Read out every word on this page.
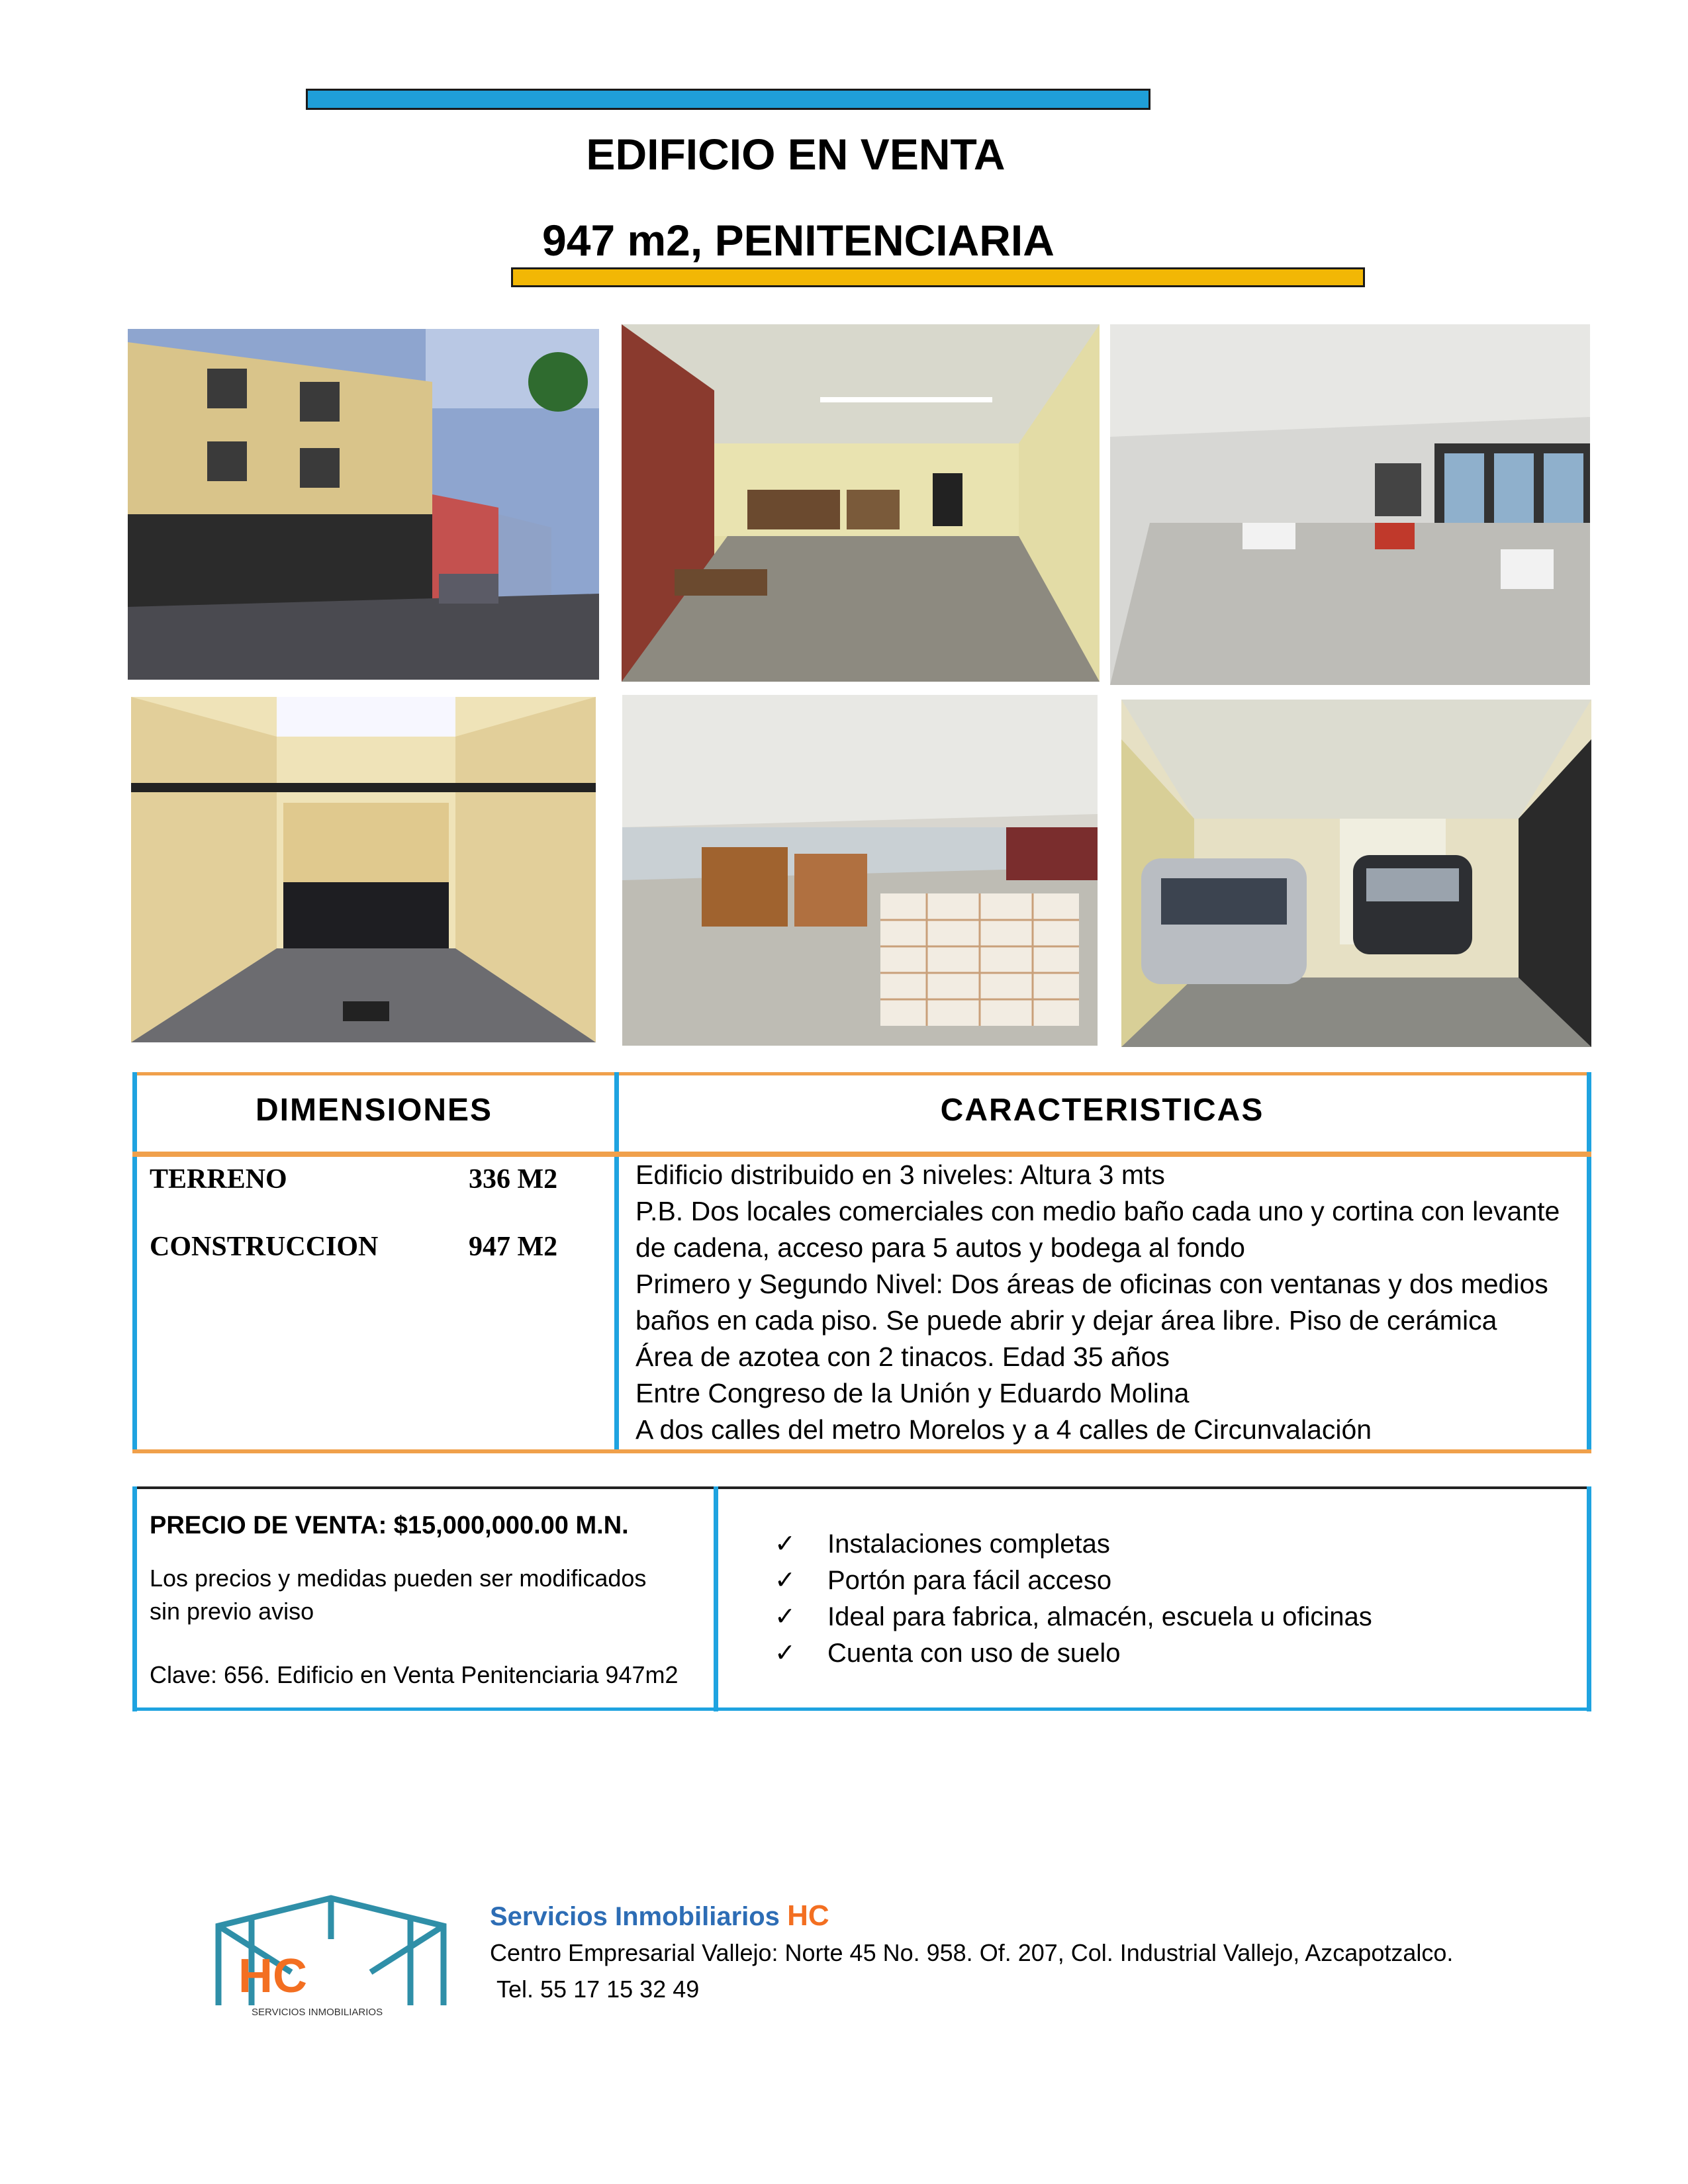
EDIFICIO EN VENTA
947 m2, PENITENCIARIA
DIMENSIONES	CARACTERISTICAS
TERRENO	336 M2
CONSTRUCCION	947 M2
Edificio distribuido en 3 niveles: Altura 3 mts
P.B. Dos locales comerciales con medio baño cada uno y cortina con levante
de cadena, acceso para 5 autos y bodega al fondo
Primero y Segundo Nivel: Dos áreas de oficinas con ventanas y dos medios
baños en cada piso. Se puede abrir y dejar área libre. Piso de cerámica
Área de azotea con 2 tinacos. Edad 35 años
Entre Congreso de la Unión y Eduardo Molina
A dos calles del metro Morelos y a 4 calles de Circunvalación
PRECIO DE VENTA: $15,000,000.00 M.N.
Los precios y medidas pueden ser modificados
sin previo aviso
Clave: 656. Edificio en Venta Penitenciaria 947m2
✓	Instalaciones completas
✓	Portón para fácil acceso
✓	Ideal para fabrica, almacén, escuela u oficinas
✓	Cuenta con uso de suelo
HC
SERVICIOS INMOBILIARIOS
Servicios Inmobiliarios HC
Centro Empresarial Vallejo: Norte 45 No. 958. Of. 207, Col. Industrial Vallejo, Azcapotzalco.
Tel. 55 17 15 32 49
